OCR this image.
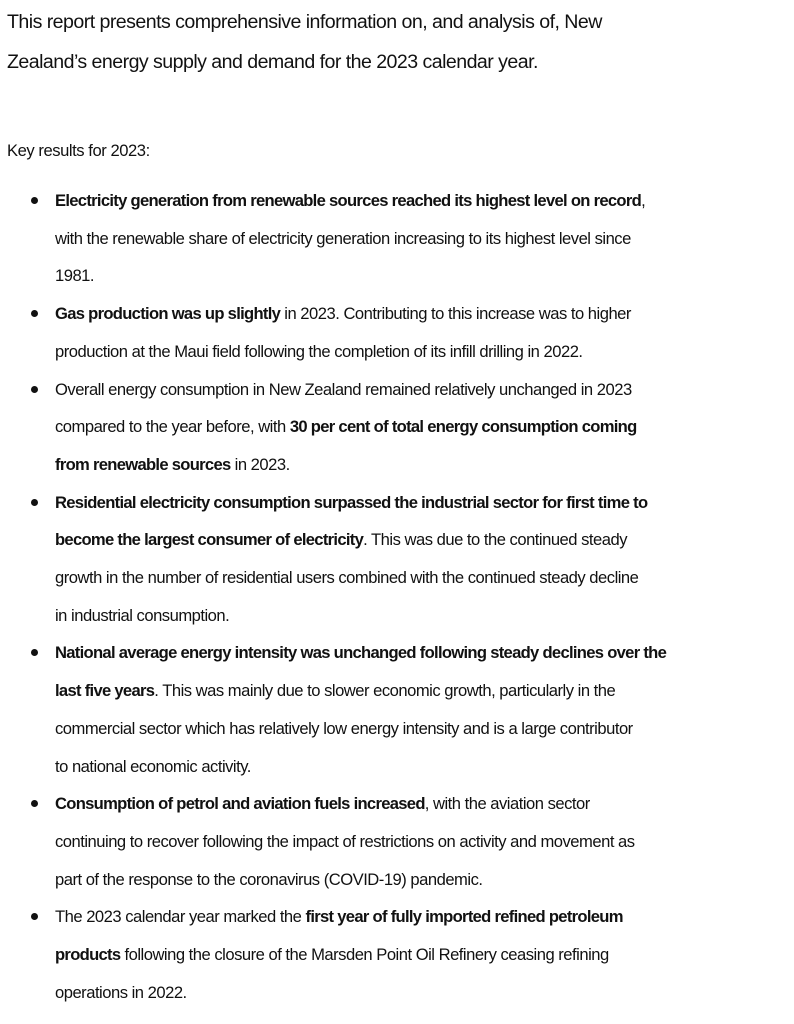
This report presents comprehensive information on, and analysis of, New
Zealand’s energy supply and demand for the 2023 calendar year.

Key results for 2023:

Electricity generation from renewable sources reached its highest level on record,
with the renewable share of electricity generation increasing to its highest level since
1981.
Gas production was up slightly in 2023. Contributing to this increase was to higher
production at the Maui field following the completion of its infill drilling in 2022.
Overall energy consumption in New Zealand remained relatively unchanged in 2023
compared to the year before, with 30 per cent of total energy consumption coming
from renewable sources in 2023.
Residential electricity consumption surpassed the industrial sector for first time to
become the largest consumer of electricity. This was due to the continued steady
growth in the number of residential users combined with the continued steady decline
in industrial consumption.
National average energy intensity was unchanged following steady declines over the
last five years. This was mainly due to slower economic growth, particularly in the
commercial sector which has relatively low energy intensity and is a large contributor
to national economic activity.
Consumption of petrol and aviation fuels increased, with the aviation sector
continuing to recover following the impact of restrictions on activity and movement as
part of the response to the coronavirus (COVID-19) pandemic.
The 2023 calendar year marked the first year of fully imported refined petroleum
products following the closure of the Marsden Point Oil Refinery ceasing refining
operations in 2022.
